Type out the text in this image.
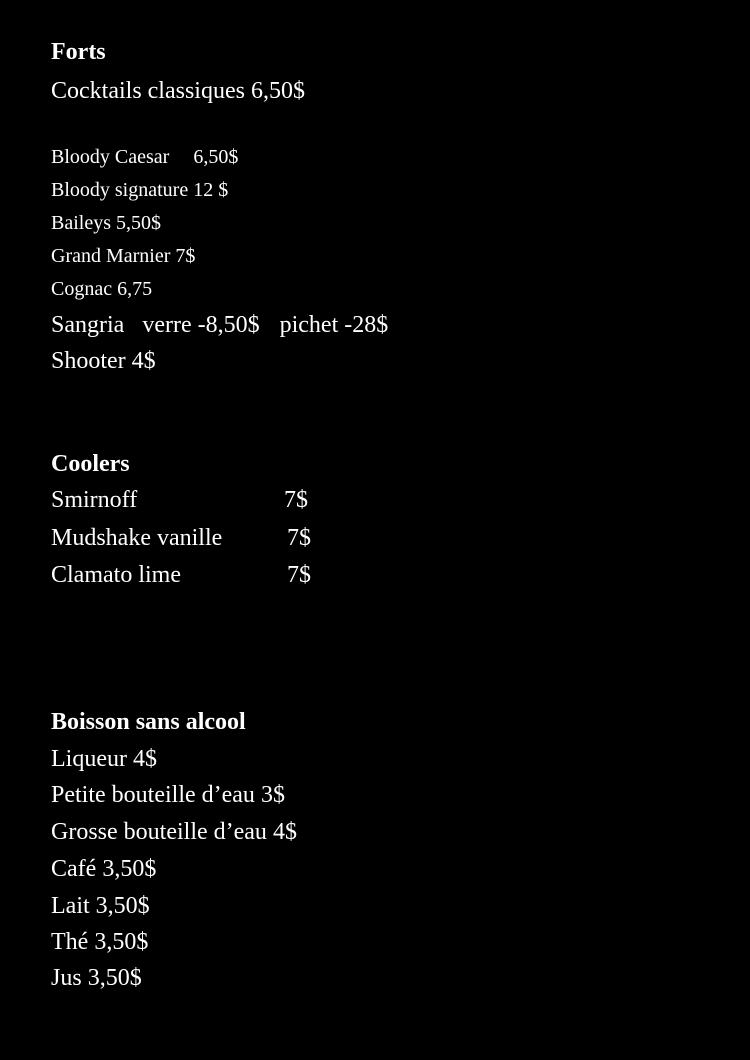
Forts
Cocktails classiques 6,50$
Bloody Caesar 6,50$
Bloody signature 12 $
Baileys 5,50$
Grand Marnier 7$
Cognac 6,75
Sangria verre -8,50$ pichet -28$
Shooter 4$
Coolers
Smirnoff	7$
Mudshake vanille	7$
Clamato lime	7$
Boisson sans alcool
Liqueur 4$
Petite bouteille d’eau 3$
Grosse bouteille d’eau 4$
Café 3,50$
Lait 3,50$
Thé 3,50$
Jus 3,50$
